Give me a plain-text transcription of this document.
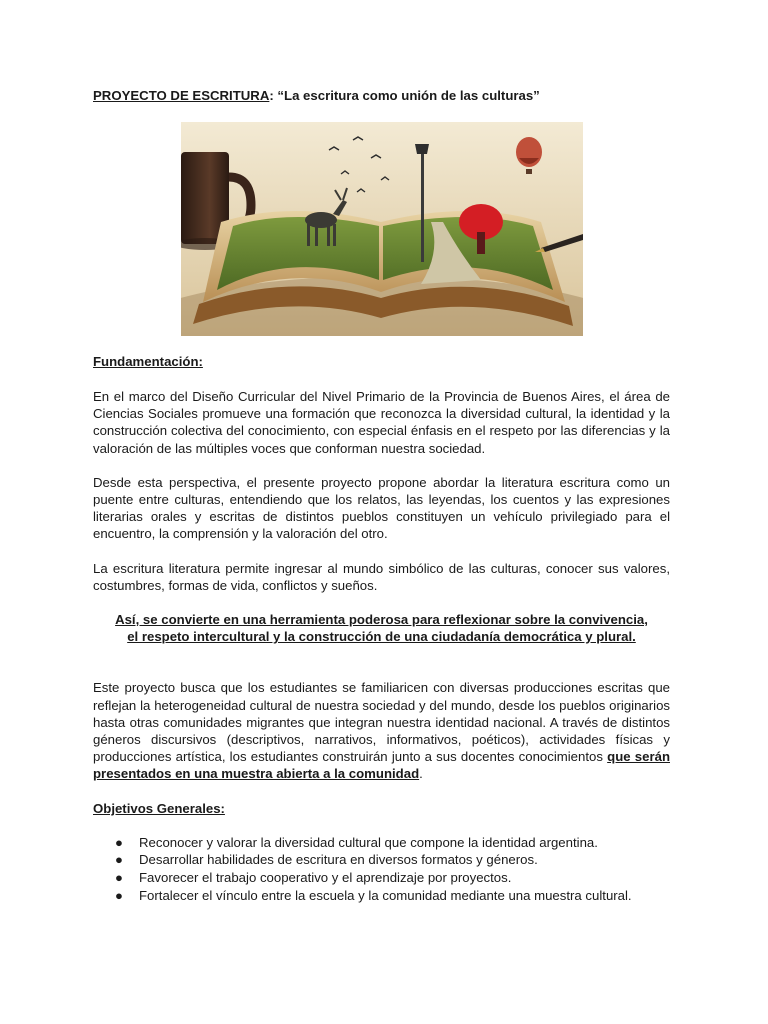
PROYECTO DE ESCRITURA: “La escritura como unión de las culturas”
Fundamentación:

En el marco del Diseño Curricular del Nivel Primario de la Provincia de Buenos Aires, el área de Ciencias Sociales promueve una formación que reconozca la diversidad cultural, la identidad y la construcción colectiva del conocimiento, con especial énfasis en el respeto por las diferencias y la valoración de las múltiples voces que conforman nuestra sociedad.

Desde esta perspectiva, el presente proyecto propone abordar la literatura escritura como un puente entre culturas, entendiendo que los relatos, las leyendas, los cuentos y las expresiones literarias orales y escritas de distintos pueblos constituyen un vehículo privilegiado para el encuentro, la comprensión y la valoración del otro.

La escritura literatura permite ingresar al mundo simbólico de las culturas, conocer sus valores, costumbres, formas de vida, conflictos y sueños.

Así, se convierte en una herramienta poderosa para reflexionar sobre la convivencia,
el respeto intercultural y la construcción de una ciudadanía democrática y plural.

Este proyecto busca que los estudiantes se familiaricen con diversas producciones escritas que reflejan la heterogeneidad cultural de nuestra sociedad y del mundo, desde los pueblos originarios hasta otras comunidades migrantes que integran nuestra identidad nacional. A través de distintos géneros discursivos (descriptivos, narrativos, informativos, poéticos), actividades físicas y producciones artística, los estudiantes construirán junto a sus docentes conocimientos que serán presentados en una muestra abierta a la comunidad.

Objetivos Generales:
● Reconocer y valorar la diversidad cultural que compone la identidad argentina.
● Desarrollar habilidades de escritura en diversos formatos y géneros.
● Favorecer el trabajo cooperativo y el aprendizaje por proyectos.
● Fortalecer el vínculo entre la escuela y la comunidad mediante una muestra cultural.
